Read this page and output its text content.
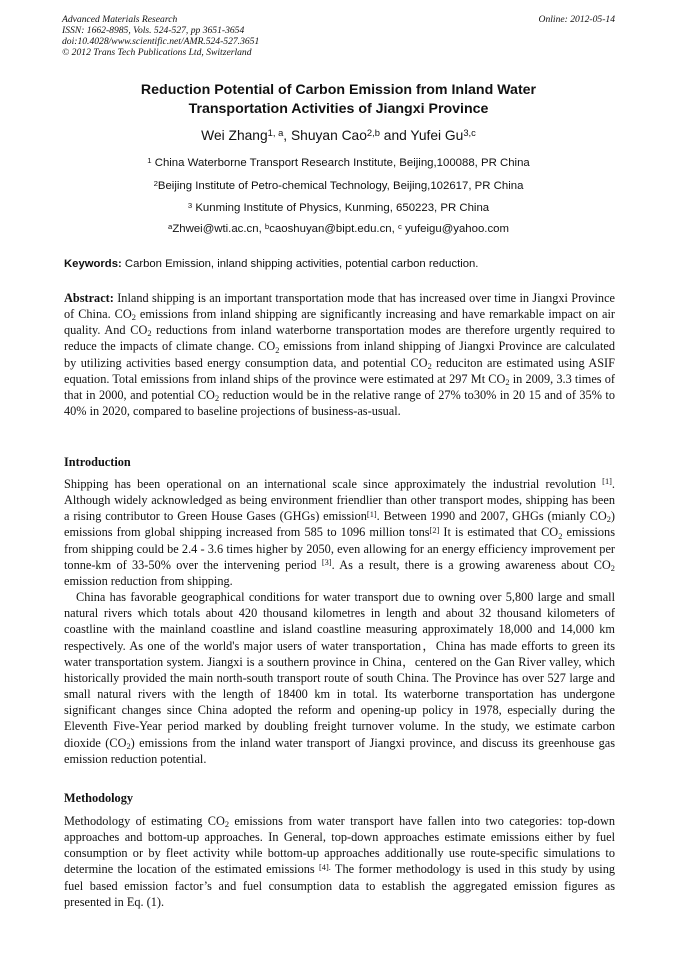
Advanced Materials Research
ISSN: 1662-8985, Vols. 524-527, pp 3651-3654
doi:10.4028/www.scientific.net/AMR.524-527.3651
© 2012 Trans Tech Publications Ltd, Switzerland
Online: 2012-05-14
Reduction Potential of Carbon Emission from Inland Water
Transportation Activities of Jiangxi Province
Wei Zhang$^{1, a}$, Shuyan Cao$^{2,b}$ and Yufei Gu$^{3,c}$
$^1$ China Waterborne Transport Research Institute, Beijing,100088, PR China
$^2$Beijing Institute of Petro-chemical Technology, Beijing,102617, PR China
$^3$ Kunming Institute of Physics, Kunming, 650223, PR China
$^a$Zhwei@wti.ac.cn, $^b$caoshuyan@bipt.edu.cn, $^c$ yufeigu@yahoo.com
Keywords: Carbon Emission, inland shipping activities, potential carbon reduction.

Abstract: Inland shipping is an important transportation mode that has increased over time in Jiangxi Province of China. $CO_2$ emissions from inland shipping are significantly increasing and have remarkable impact on air quality. And $CO_2$ reductions from inland waterborne transportation modes are therefore urgently required to reduce the impacts of climate change. $CO_2$ emissions from inland shipping of Jiangxi Province are calculated by utilizing activities based energy consumption data, and potential $CO_2$ reduciton are estimated using ASIF equation. Total emissions from inland ships of the province were estimated at 297 Mt $CO_2$ in 2009, 3.3 times of that in 2000, and potential $CO_2$ reduction would be in the relative range of 27% to30% in 20 15 and of 35% to 40% in 2020, compared to baseline projections of business-as-usual.

Introduction

Shipping has been operational on an international scale since approximately the industrial revolution [1]. Although widely acknowledged as being environment friendlier than other transport modes, shipping has been a rising contributor to Green House Gases (GHGs) emission[1]. Between 1990 and 2007, GHGs (mianly $CO_2$) emissions from global shipping increased from 585 to 1096 million tons[2] It is estimated that $CO_2$ emissions from shipping could be 2.4 - 3.6 times higher by 2050, even allowing for an energy efficiency improvement per tonne-km of 33-50% over the intervening period [3]. As a result, there is a growing awareness about $CO_2$ emission reduction from shipping.

China has favorable geographical conditions for water transport due to owning over 5,800 large and small natural rivers which totals about 420 thousand kilometres in length and about 32 thousand kilometers of coastline with the mainland coastline and island coastline measuring approximately 18,000 and 14,000 km respectively. As one of the world's major users of water transportation，China has made efforts to green its water transportation system. Jiangxi is a southern province in China，centered on the Gan River valley, which historically provided the main north-south transport route of south China. The Province has over 527 large and small natural rivers with the length of 18400 km in total. Its waterborne transportation has undergone significant changes since China adopted the reform and opening-up policy in 1978, especially during the Eleventh Five-Year period marked by doubling freight turnover volume. In the study, we estimate carbon dioxide $(CO_2)$ emissions from the inland water transport of Jiangxi province, and discuss its greenhouse gas emission reduction potential.

Methodology

Methodology of estimating $CO_2$ emissions from water transport have fallen into two categories: top-down approaches and bottom-up approaches. In General, top-down approaches estimate emissions either by fuel consumption or by fleet activity while bottom-up approaches additionally use route-specific simulations to determine the location of the estimated emissions $^{[4].}$ The former methodology is used in this study by using fuel based emission factor’s and fuel consumption data to establish the aggregated emission figures as presented in Eq. (1).
